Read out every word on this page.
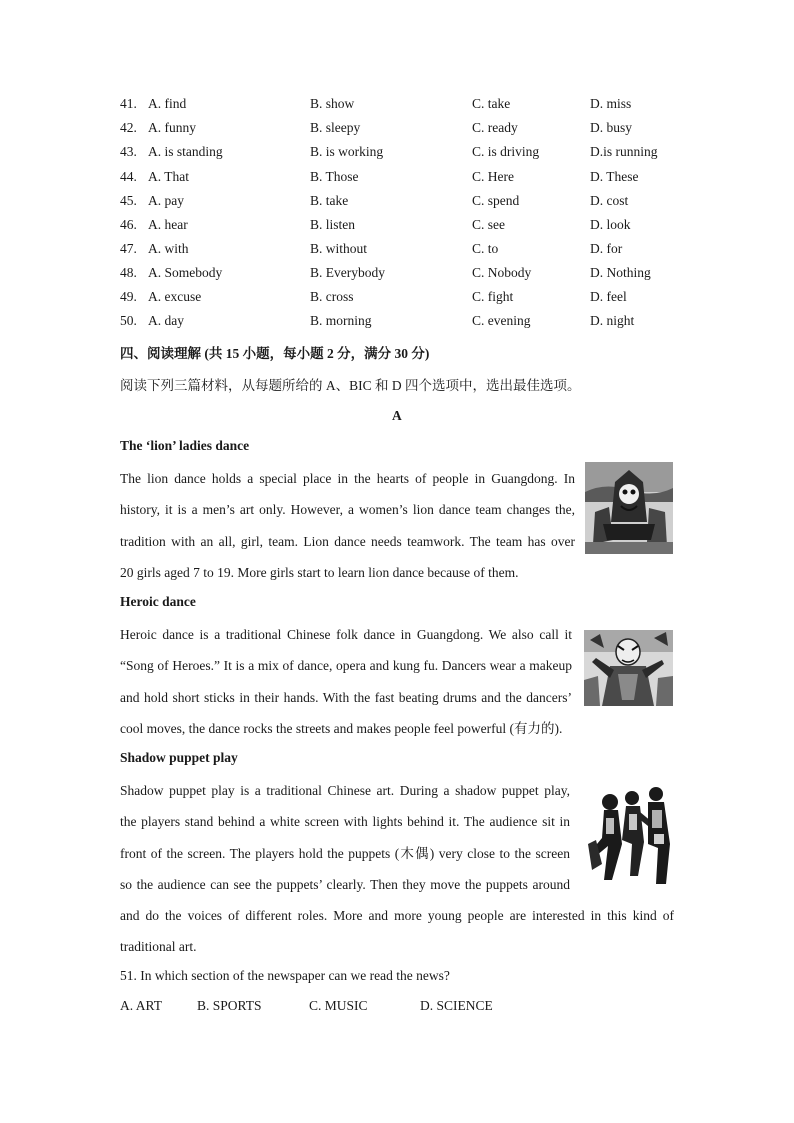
41. A. find	B. show	C. take	D. miss
42. A. funny	B. sleepy	C. ready	D. busy
43. A. is standing	B. is working	C. is driving	D.is running
44. A. That	B. Those	C. Here	D. These
45. A. pay	B. take	C. spend	D. cost
46. A. hear	B. listen	C. see	D. look
47. A. with	B. without	C. to	D. for
48. A. Somebody	B. Everybody	C. Nobody	D. Nothing
49. A. excuse	B. cross	C. fight	D. feel
50. A. day	B. morning	C. evening	D. night
四、阅读理解 (共 15 小题，每小题 2 分，满分 30 分)
阅读下列三篇材料，从每题所给的 A、BIC 和 D 四个选项中，选出最佳选项。
A
The ‘lion’ ladies dance
The lion dance holds a special place in the hearts of people in Guangdong. In
history, it is a men’s art only. However, a women’s lion dance team changes the,
tradition with an all, girl, team. Lion dance needs teamwork. The team has over
20 girls aged 7 to 19. More girls start to learn lion dance because of them.
Heroic dance
Heroic dance is a traditional Chinese folk dance in Guangdong. We also call it
“Song of Heroes.” It is a mix of dance, opera and kung fu. Dancers wear a makeup
and hold short sticks in their hands. With the fast beating drums and the dancers’
cool moves, the dance rocks the streets and makes people feel powerful (有力的).
Shadow puppet play
Shadow puppet play is a traditional Chinese art. During a shadow puppet play,
the players stand behind a white screen with lights behind it. The audience sit in
front of the screen. The players hold the puppets (木偶) very close to the screen
so the audience can see the puppets’ clearly. Then they move the puppets around
and do the voices of different roles. More and more young people are interested in this kind of
traditional art.
51. In which section of the newspaper can we read the news?
A. ART	B. SPORTS	C. MUSIC	D. SCIENCE
